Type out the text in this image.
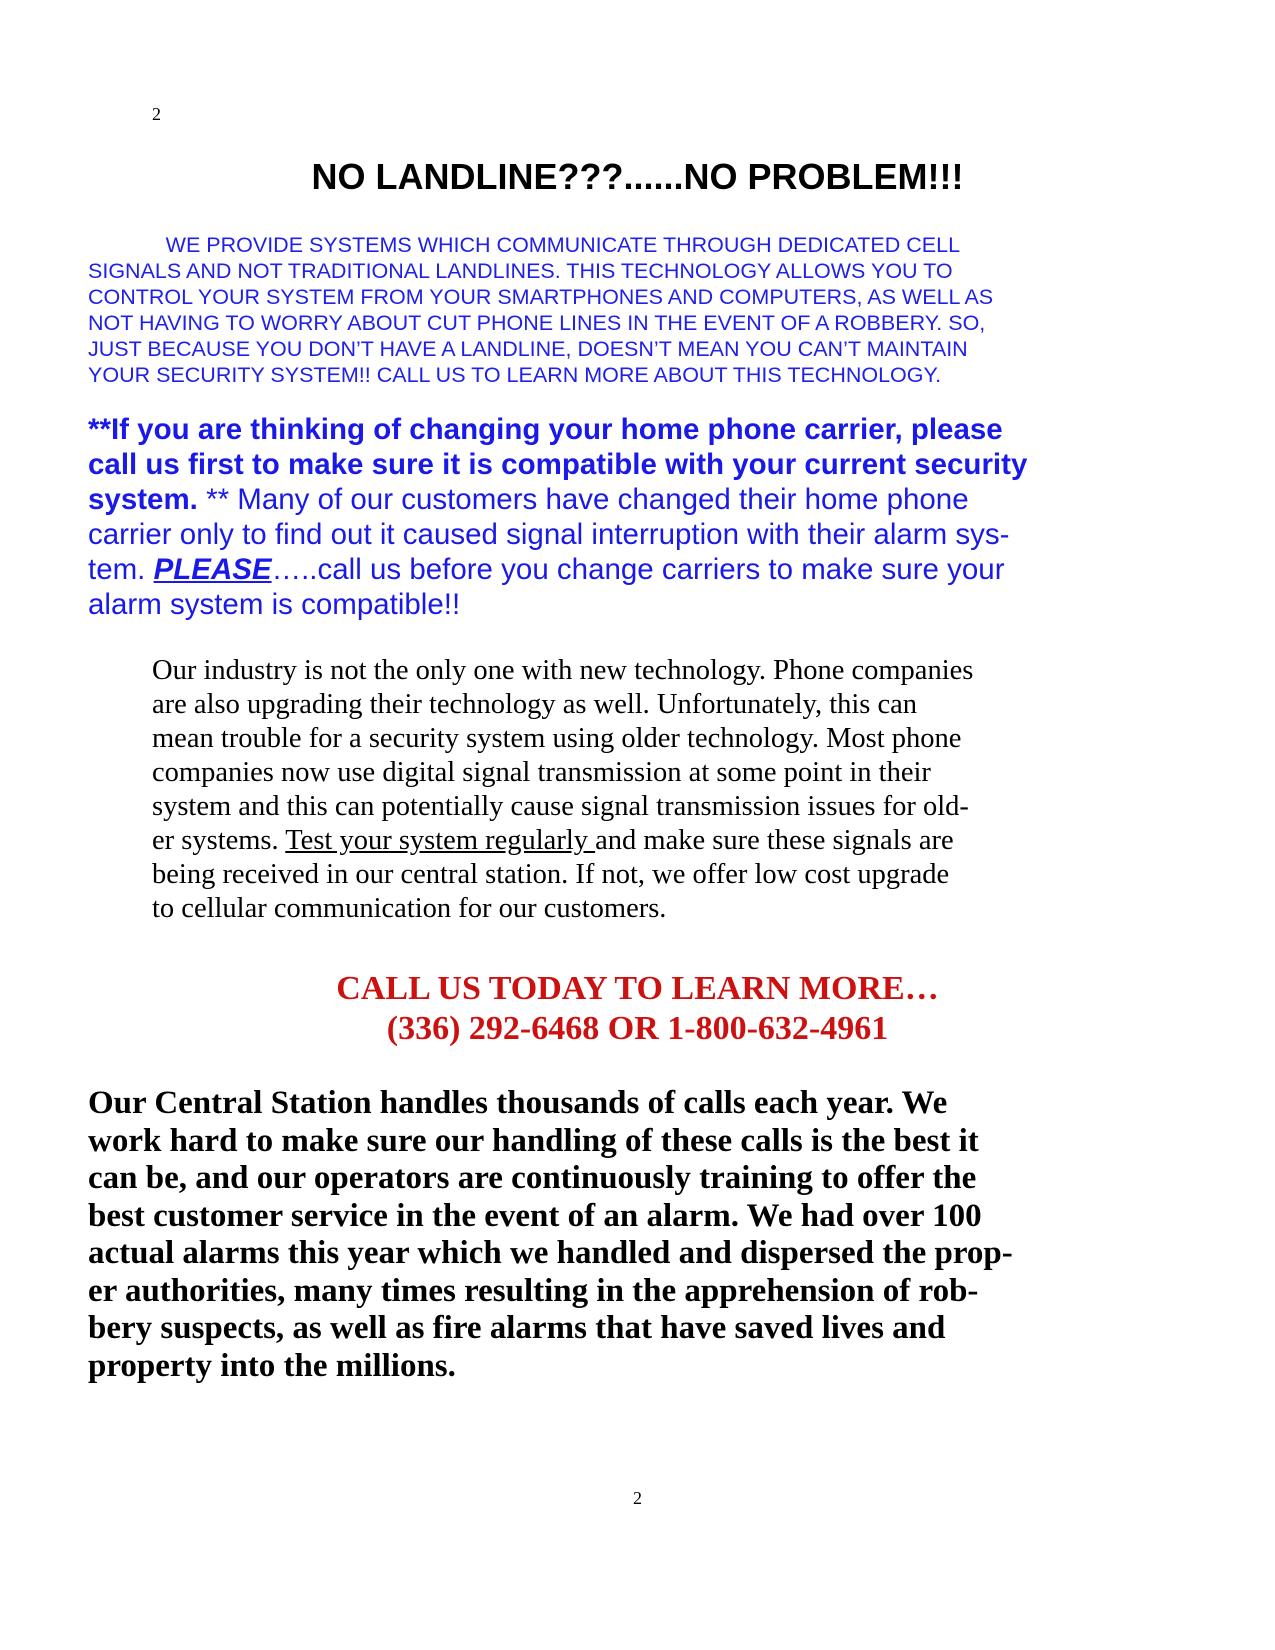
2
NO LANDLINE???......NO PROBLEM!!!
WE PROVIDE SYSTEMS WHICH COMMUNICATE THROUGH DEDICATED CELL
SIGNALS AND NOT TRADITIONAL LANDLINES. THIS TECHNOLOGY ALLOWS YOU TO
CONTROL YOUR SYSTEM FROM YOUR SMARTPHONES AND COMPUTERS, AS WELL AS
NOT HAVING TO WORRY ABOUT CUT PHONE LINES IN THE EVENT OF A ROBBERY. SO,
JUST BECAUSE YOU DON’T HAVE A LANDLINE, DOESN’T MEAN YOU CAN’T MAINTAIN
YOUR SECURITY SYSTEM!! CALL US TO LEARN MORE ABOUT THIS TECHNOLOGY.
**If you are thinking of changing your home phone carrier, please
call us first to make sure it is compatible with your current security
system. ** Many of our customers have changed their home phone
carrier only to find out it caused signal interruption with their alarm sys-
tem. PLEASE…..call us before you change carriers to make sure your
alarm system is compatible!!
Our industry is not the only one with new technology. Phone companies
are also upgrading their technology as well. Unfortunately, this can
mean trouble for a security system using older technology. Most phone
companies now use digital signal transmission at some point in their
system and this can potentially cause signal transmission issues for old-
er systems. Test your system regularly and make sure these signals are
being received in our central station. If not, we offer low cost upgrade
to cellular communication for our customers.
CALL US TODAY TO LEARN MORE…
(336) 292-6468 OR 1-800-632-4961
Our Central Station handles thousands of calls each year. We
work hard to make sure our handling of these calls is the best it
can be, and our operators are continuously training to offer the
best customer service in the event of an alarm. We had over 100
actual alarms this year which we handled and dispersed the prop-
er authorities, many times resulting in the apprehension of rob-
bery suspects, as well as fire alarms that have saved lives and
property into the millions.
2
